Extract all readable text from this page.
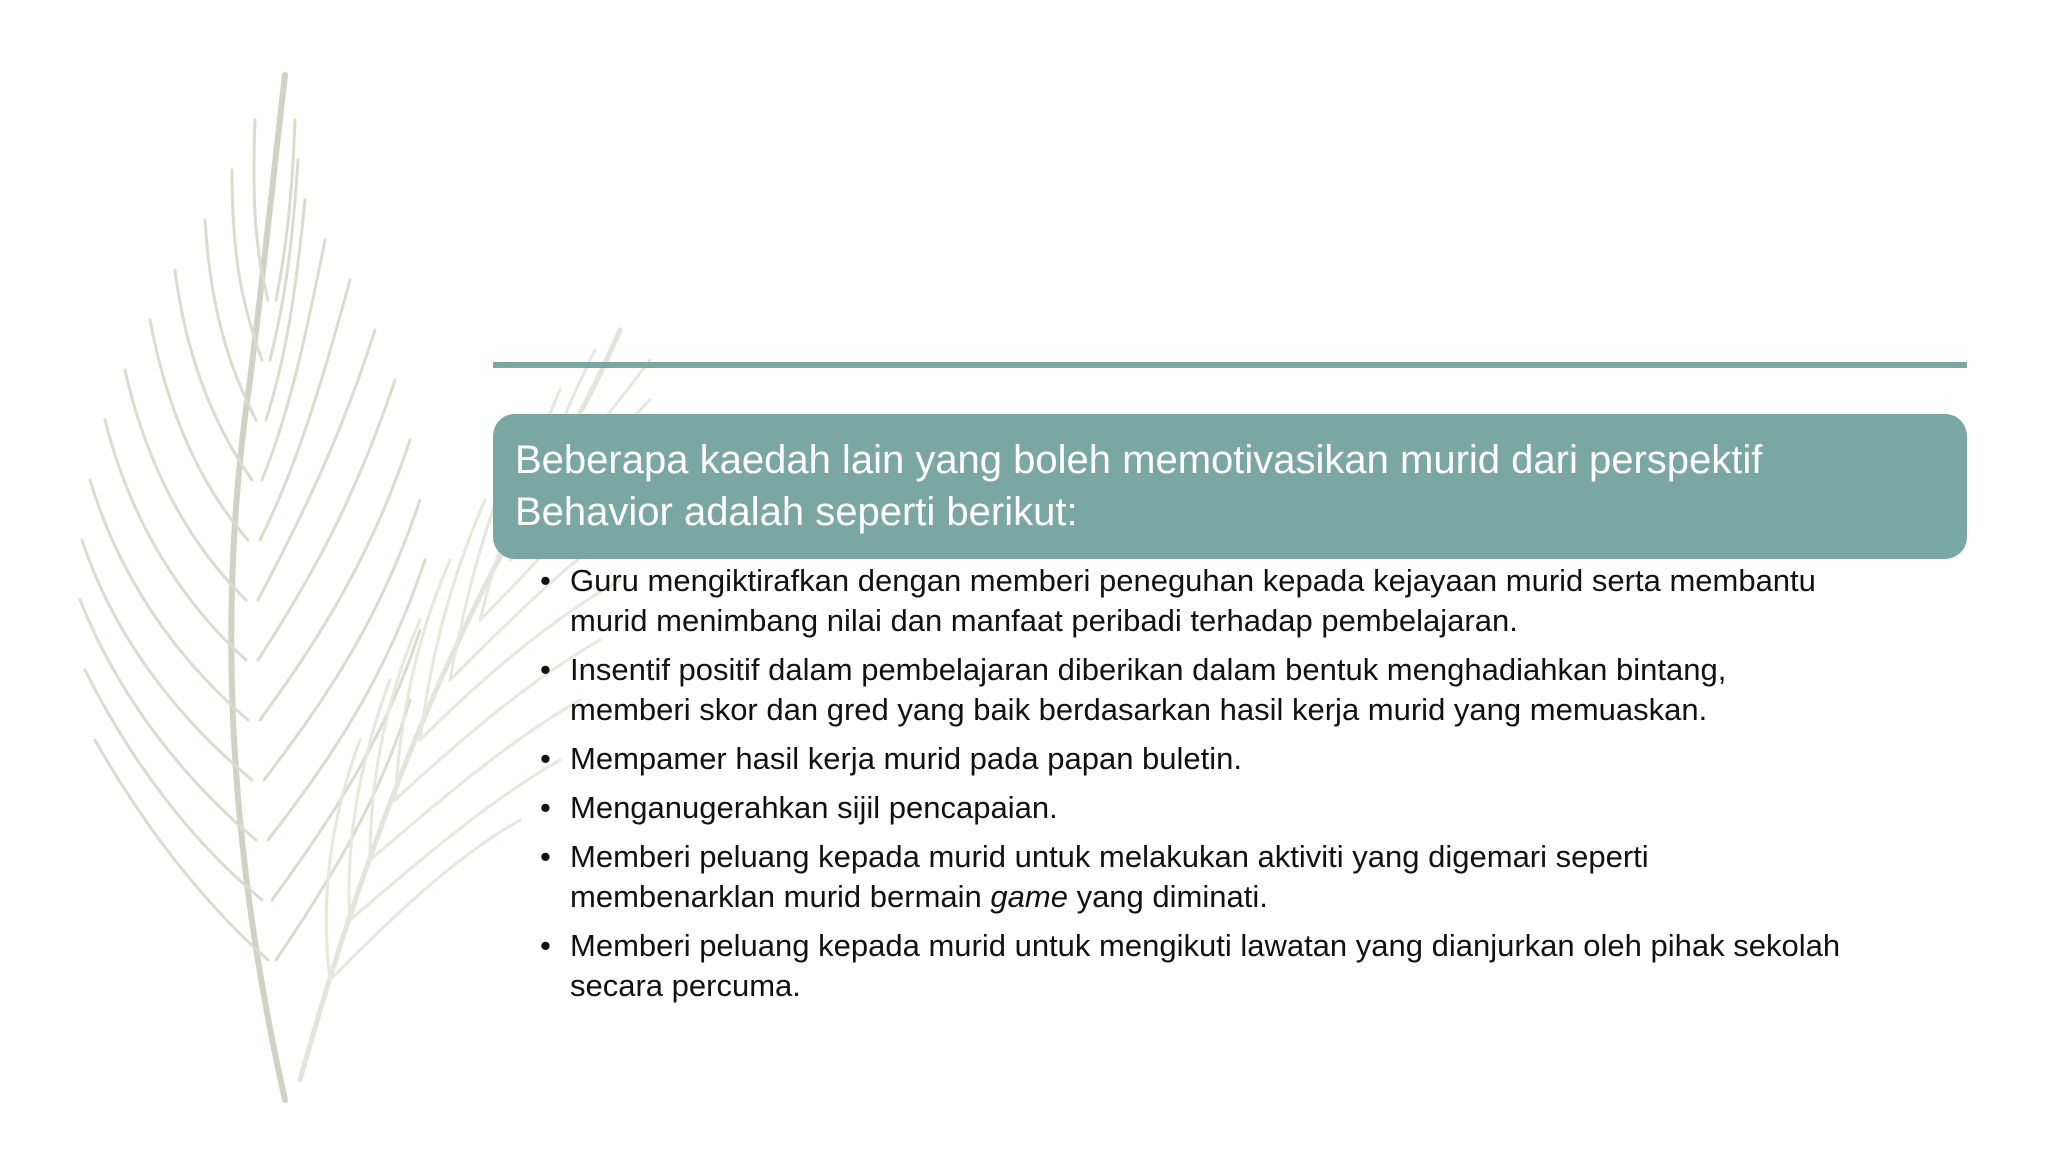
Beberapa kaedah lain yang boleh memotivasikan murid dari perspektif
Behavior adalah seperti berikut:
• Guru mengiktirafkan dengan memberi peneguhan kepada kejayaan murid serta membantu
murid menimbang nilai dan manfaat peribadi terhadap pembelajaran.
• Insentif positif dalam pembelajaran diberikan dalam bentuk menghadiahkan bintang,
memberi skor dan gred yang baik berdasarkan hasil kerja murid yang memuaskan.
• Mempamer hasil kerja murid pada papan buletin.
• Menganugerahkan sijil pencapaian.
• Memberi peluang kepada murid untuk melakukan aktiviti yang digemari seperti
membenarklan murid bermain game yang diminati.
• Memberi peluang kepada murid untuk mengikuti lawatan yang dianjurkan oleh pihak sekolah
secara percuma.
